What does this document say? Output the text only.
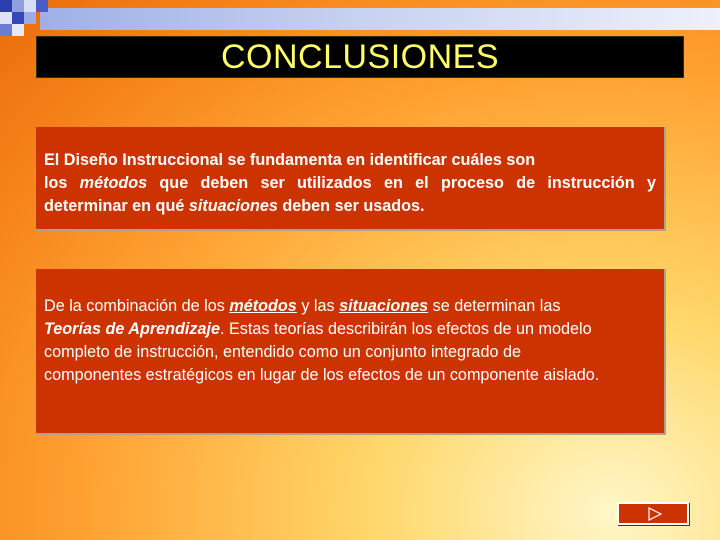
CONCLUSIONES
El Diseño Instruccional se fundamenta en identificar cuáles son
los métodos que deben ser utilizados en el proceso de instrucción y
determinar en qué situaciones deben ser usados.
De la combinación de los métodos y las situaciones se determinan las
Teorías de Aprendizaje. Estas teorías describirán los efectos de un modelo
completo de instrucción, entendido como un conjunto integrado de
componentes estratégicos en lugar de los efectos de un componente aislado.
